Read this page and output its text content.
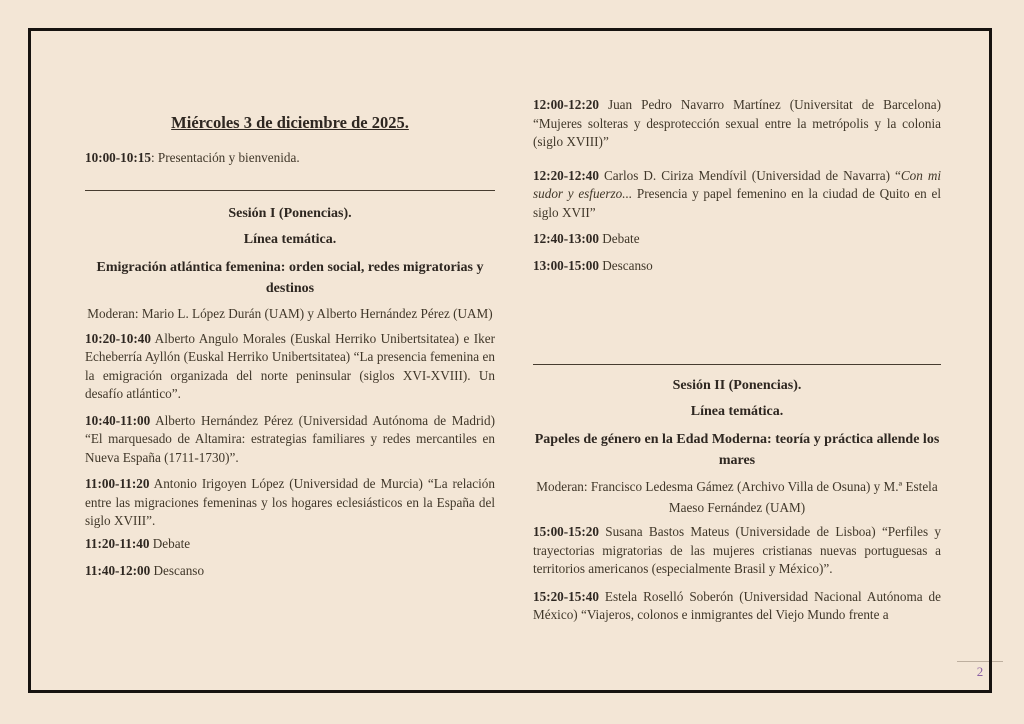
Miércoles 3 de diciembre de 2025.

10:00-10:15: Presentación y bienvenida.

Sesión I (Ponencias).
Línea temática.
Emigración atlántica femenina: orden social, redes migratorias y destinos

Moderan: Mario L. López Durán (UAM) y Alberto Hernández Pérez (UAM)

10:20-10:40 Alberto Angulo Morales (Euskal Herriko Unibertsitatea) e Iker Echeberría Ayllón (Euskal Herriko Unibertsitatea) “La presencia femenina en la emigración organizada del norte peninsular (siglos XVI-XVIII). Un desafío atlántico”.

10:40-11:00 Alberto Hernández Pérez (Universidad Autónoma de Madrid) “El marquesado de Altamira: estrategias familiares y redes mercantiles en Nueva España (1711-1730)”.

11:00-11:20 Antonio Irigoyen López (Universidad de Murcia) “La relación entre las migraciones femeninas y los hogares eclesiásticos en la España del siglo XVIII”.

11:20-11:40 Debate

11:40-12:00 Descanso

12:00-12:20 Juan Pedro Navarro Martínez (Universitat de Barcelona) “Mujeres solteras y desprotección sexual entre la metrópolis y la colonia (siglo XVIII)”

12:20-12:40 Carlos D. Ciriza Mendívil (Universidad de Navarra) “Con mi sudor y esfuerzo... Presencia y papel femenino en la ciudad de Quito en el siglo XVII”

12:40-13:00 Debate

13:00-15:00 Descanso

Sesión II (Ponencias).
Línea temática.
Papeles de género en la Edad Moderna: teoría y práctica allende los mares

Moderan: Francisco Ledesma Gámez (Archivo Villa de Osuna) y M.ª Estela Maeso Fernández (UAM)

15:00-15:20 Susana Bastos Mateus (Universidade de Lisboa) “Perfiles y trayectorias migratorias de las mujeres cristianas nuevas portuguesas a territorios americanos (especialmente Brasil y México)”.

15:20-15:40 Estela Roselló Soberón (Universidad Nacional Autónoma de México) “Viajeros, colonos e inmigrantes del Viejo Mundo frente a

2
